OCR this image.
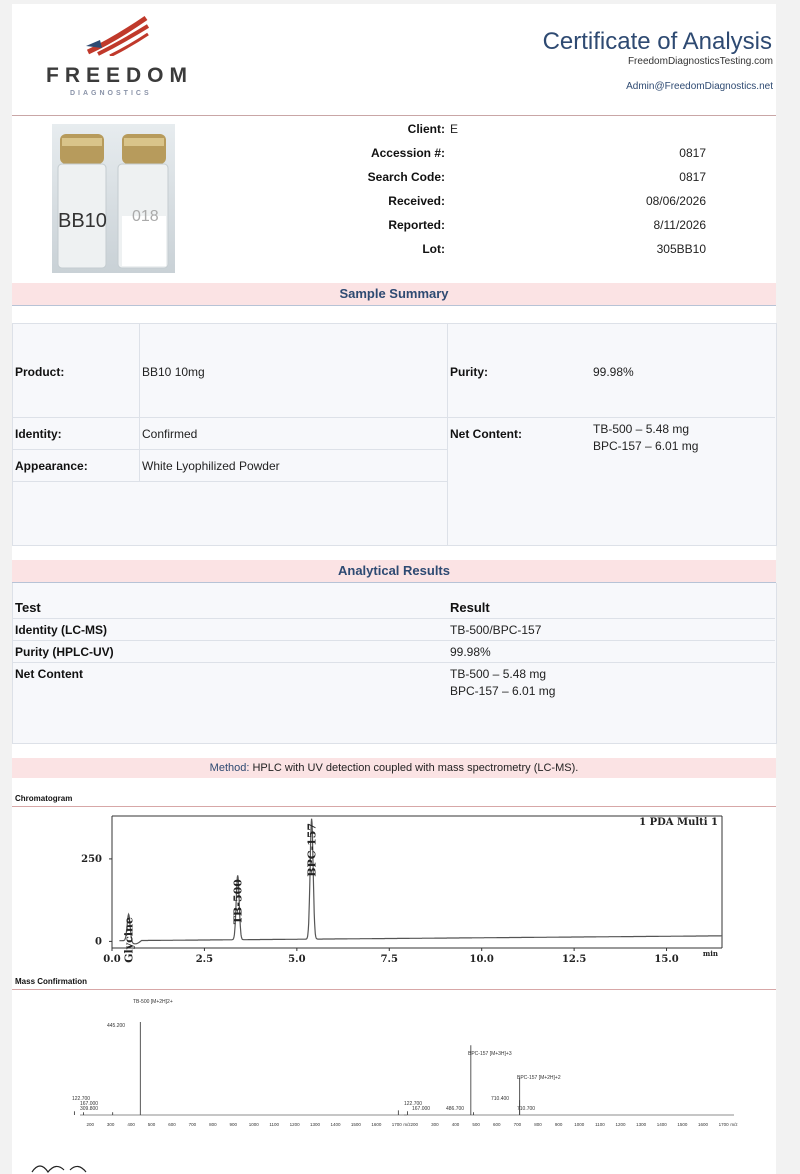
FREEDOM
DIAGNOSTICS
Certificate of Analysis
FreedomDiagnosticsTesting.com
Admin@FreedomDiagnostics.net
BB10 018
Client: E
Accession #:	0817
Search Code:	0817
Received:	08/06/2026
Reported:	8/11/2026
Lot:	305BB10
Sample Summary
Product:	BB10 10mg	Purity:	99.98%
Identity:	Confirmed	Net Content:	TB-500 – 5.48 mg
BPC-157 – 6.01 mg
Appearance:	White Lyophilized Powder
Analytical Results
Test	Result
Identity (LC-MS)	TB-500/BPC-157
Purity (HPLC-UV)	99.98%
Net Content	TB-500 – 5.48 mg
BPC-157 – 6.01 mg
Method: HPLC with UV detection coupled with mass spectrometry (LC-MS).
Chromatogram
0.0	2.5	5.0	7.5	10.0	12.5	15.0
0
250
Glycine
TB-500
BPC-157
1 PDA Multi 1
min
Mass Confirmation
200	300	400	500	600	700	800	900	1000 1100 1200 1300 1400 1500 1600 1700 m/z 200	300	400	500	600	700	800	900	1000 1100 1200 1300 1400 1500 1600 1700 m/z
TB-500 [M+2H]2+
445.200
122.700
167.000
309.800
BPC-157 [M+3H]+3
BPC-157 [M+2H]+2
122.700
167.000	486.700
710.400
710.700
